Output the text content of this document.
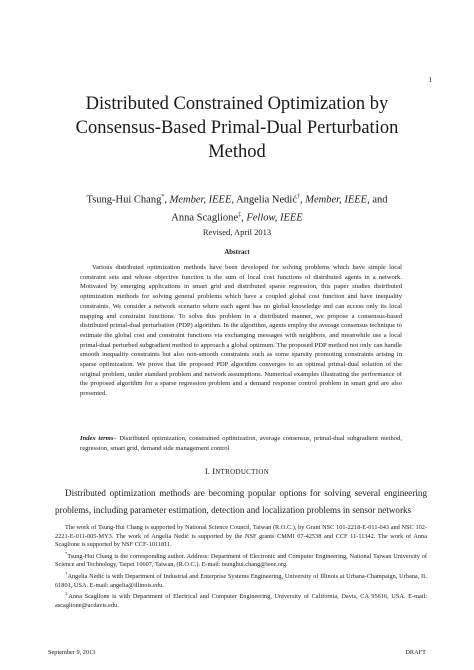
1
Distributed Constrained Optimization by
Consensus-Based Primal-Dual Perturbation
Method
Tsung-Hui Chang*, Member, IEEE, Angelia Nedić†, Member, IEEE, and
Anna Scaglione‡, Fellow, IEEE
Revised, April 2013
Abstract

Various distributed optimization methods have been developed for solving problems which have simple local constraint sets and whose objective function is the sum of local cost functions of distributed agents in a network. Motivated by emerging applications in smart grid and distributed sparse regression, this paper studies distributed optimization methods for solving general problems which have a coupled global cost function and have inequality constraints. We consider a network scenario where each agent has no global knowledge and can access only its local mapping and constraint functions. To solve this problem in a distributed manner, we propose a consensus-based distributed primal-dual perturbation (PDP) algorithm. In the algorithm, agents employ the average consensus technique to estimate the global cost and constraint functions via exchanging messages with neighbors, and meanwhile use a local primal-dual perturbed subgradient method to approach a global optimum. The proposed PDP method not only can handle smooth inequality constraints but also non-smooth constraints such as some sparsity promoting constraints arising in sparse optimization. We prove that the proposed PDP algorithm converges to an optimal primal-dual solution of the original problem, under standard problem and network assumptions. Numerical examples illustrating the performance of the proposed algorithm for a sparse regression problem and a demand response control problem in smart grid are also presented.

Index terms– Distributed optimization, constrained optimization, average consensus, primal-dual subgradient method, regression, smart grid, demand side management control

I. INTRODUCTION

Distributed optimization methods are becoming popular options for solving several engineering problems, including parameter estimation, detection and localization problems in sensor networks

The work of Tsung-Hui Chang is supported by National Science Council, Taiwan (R.O.C.), by Grant NSC 101-2218-E-011-043 and NSC 102-2221-E-011-005-MY3. The work of Angelia Nedić is supported by the NSF grants CMMI 07-42538 and CCF 11-11342. The work of Anna Scaglione is supported by NSF CCF-1011811.

*Tsung-Hui Chang is the corresponding author. Address: Department of Electronic and Computer Engineering, National Taiwan University of Science and Technology, Taipei 10607, Taiwan, (R.O.C.). E-mail: tsunghui.chang@ieee.org.

†Angelia Nedić is with Department of Industrial and Enterprise Systems Engineering, University of Illinois at Urbana-Champaign, Urbana, IL 61801, USA. E-mail: angelia@illinois.edu.

‡Anna Scaglione is with Department of Electrical and Computer Engineering, University of California, Davis, CA 95616, USA. E-mail: ascaglione@ucdavis.edu.

September 9, 2013	DRAFT
